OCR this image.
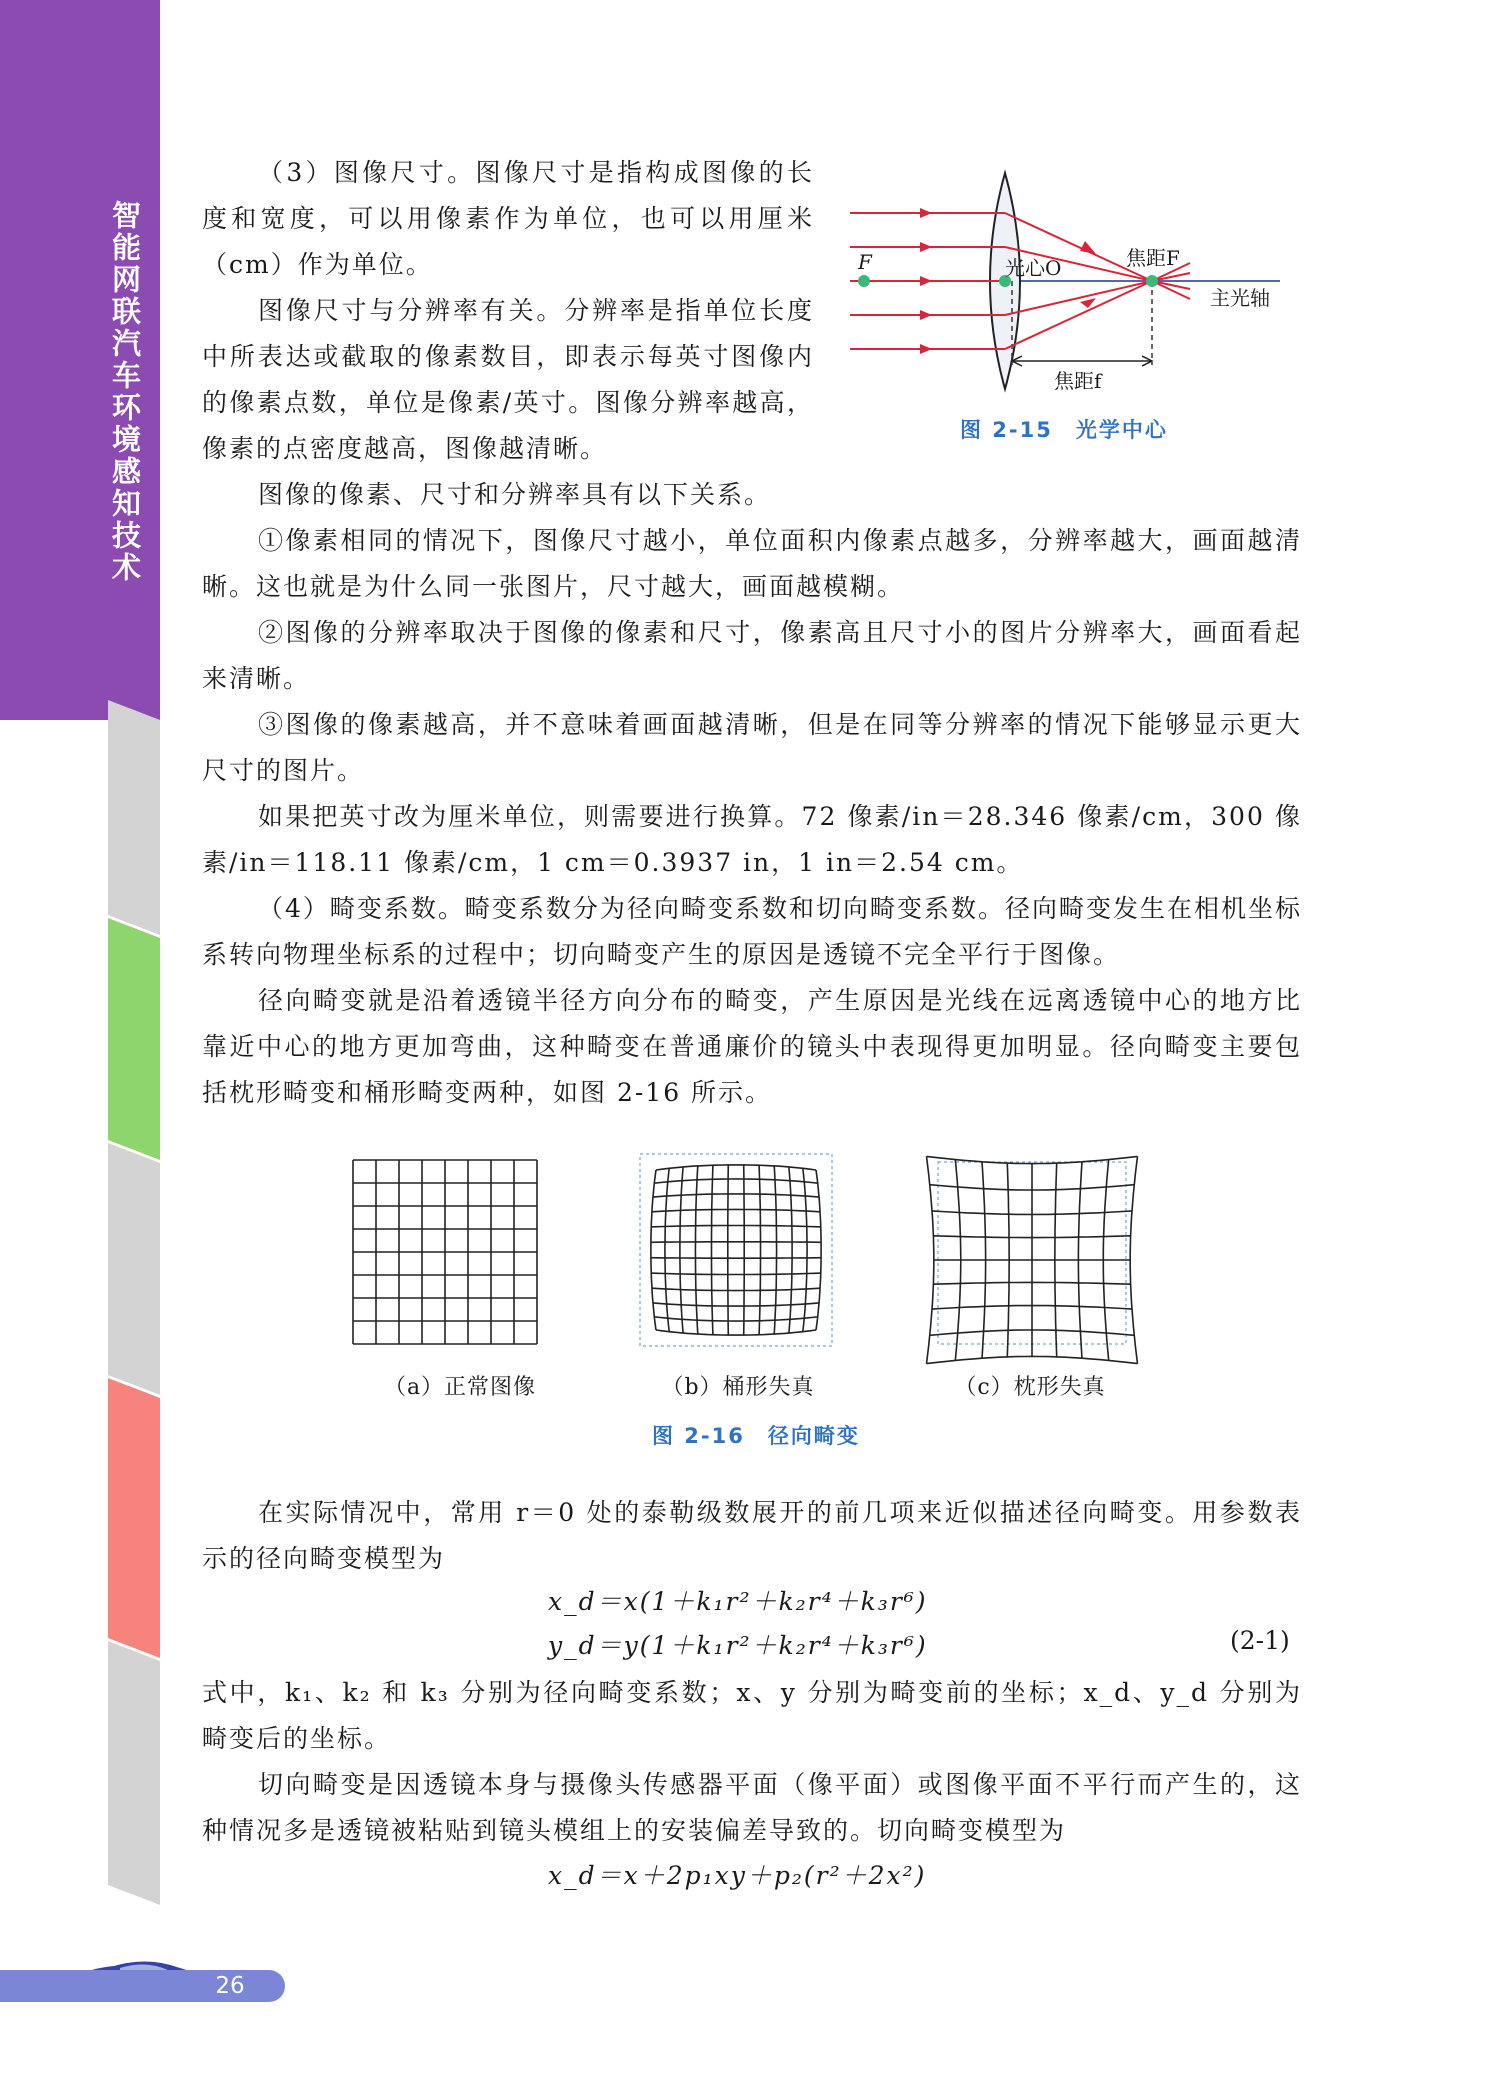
智能网联汽车环境感知技术

（3）图像尺寸。图像尺寸是指构成图像的长度和宽度，可以用像素作为单位，也可以用厘米（cm）作为单位。

图像尺寸与分辨率有关。分辨率是指单位长度中所表达或截取的像素数目，即表示每英寸图像内的像素点数，单位是像素/英寸。图像分辨率越高，像素的点密度越高，图像越清晰。

图像的像素、尺寸和分辨率具有以下关系。

①像素相同的情况下，图像尺寸越小，单位面积内像素点越多，分辨率越大，画面越清晰。这也就是为什么同一张图片，尺寸越大，画面越模糊。

②图像的分辨率取决于图像的像素和尺寸，像素高且尺寸小的图片分辨率大，画面看起来清晰。

③图像的像素越高，并不意味着画面越清晰，但是在同等分辨率的情况下能够显示更大尺寸的图片。

如果把英寸改为厘米单位，则需要进行换算。72 像素/in＝28.346 像素/cm，300 像素/in＝118.11 像素/cm，1 cm＝0.3937 in，1 in＝2.54 cm。

（4）畸变系数。畸变系数分为径向畸变系数和切向畸变系数。径向畸变发生在相机坐标系转向物理坐标系的过程中；切向畸变产生的原因是透镜不完全平行于图像。

径向畸变就是沿着透镜半径方向分布的畸变，产生原因是光线在远离透镜中心的地方比靠近中心的地方更加弯曲，这种畸变在普通廉价的镜头中表现得更加明显。径向畸变主要包括枕形畸变和桶形畸变两种，如图 2-16 所示。

F	光心O	焦距F
主光轴
焦距f
图 2-15　光学中心
（a）正常图像	（b）桶形失真	（c）枕形失真
图 2-16　径向畸变

在实际情况中，常用 r＝0 处的泰勒级数展开的前几项来近似描述径向畸变。用参数表示的径向畸变模型为

x_d＝x(1＋k₁r²＋k₂r⁴＋k₃r⁶)
y_d＝y(1＋k₁r²＋k₂r⁴＋k₃r⁶)	(2-1)

式中，k₁、k₂ 和 k₃ 分别为径向畸变系数；x、y 分别为畸变前的坐标；x_d、y_d 分别为畸变后的坐标。

切向畸变是因透镜本身与摄像头传感器平面（像平面）或图像平面不平行而产生的，这种情况多是透镜被粘贴到镜头模组上的安装偏差导致的。切向畸变模型为

x_d＝x＋2p₁xy＋p₂(r²＋2x²)
26
